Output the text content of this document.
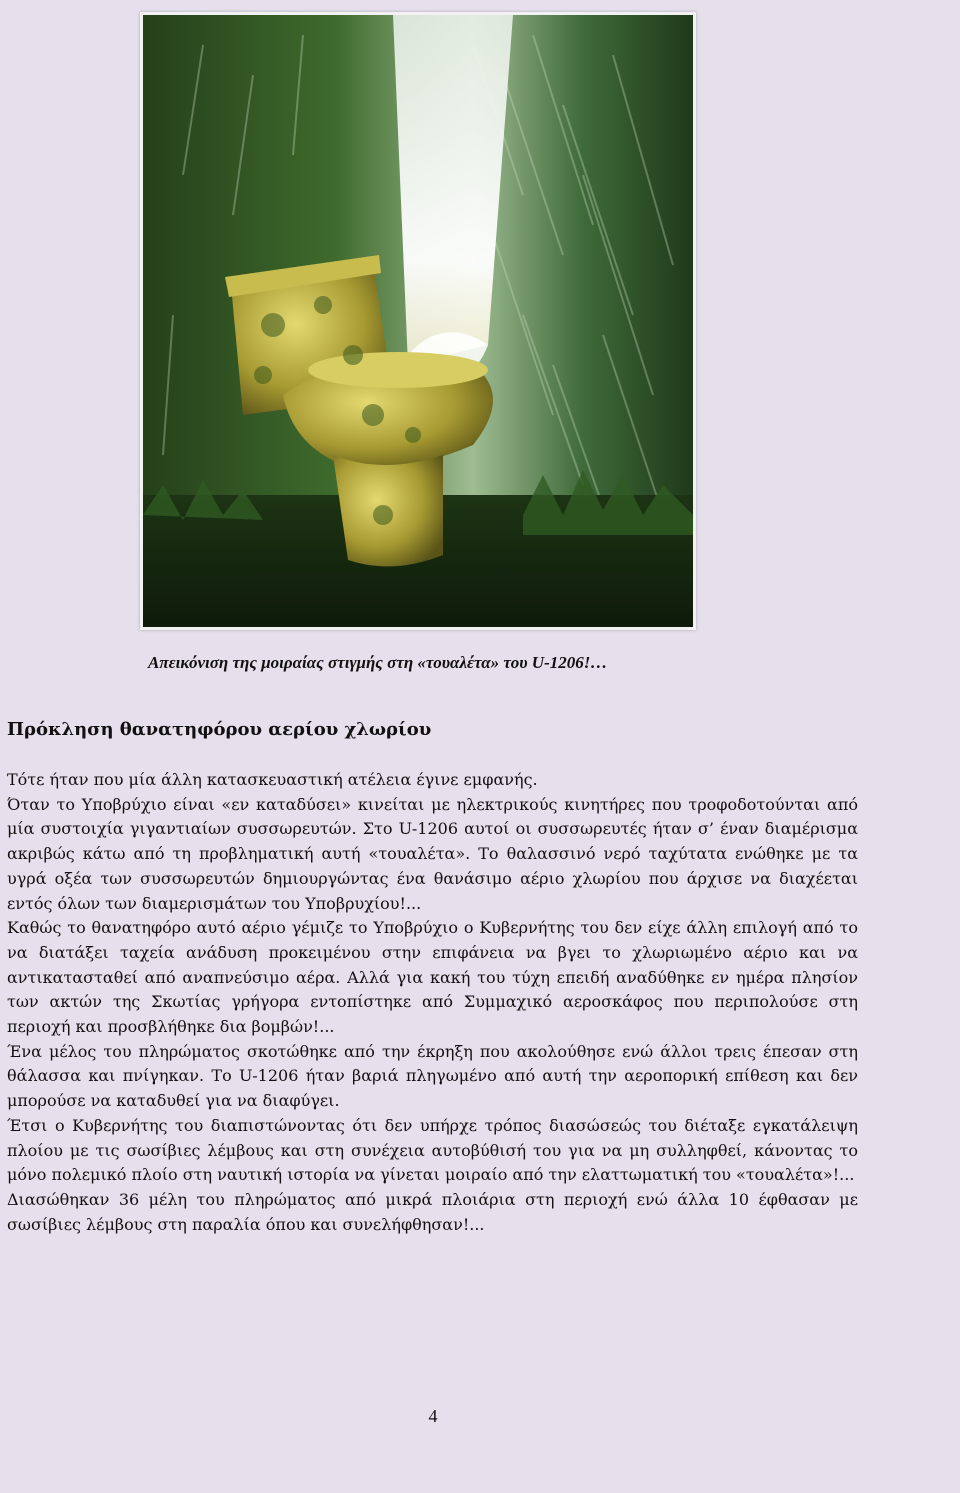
Απεικόνιση της μοιραίας στιγμής στη «τουαλέτα» του U-1206!…
Πρόκληση θανατηφόρου αερίου χλωρίου

Τότε ήταν που μία άλλη κατασκευαστική ατέλεια έγινε εμφανής.

Όταν το Υποβρύχιο είναι «εν καταδύσει» κινείται με ηλεκτρικούς κινητήρες που τροφοδοτούνται από μία συστοιχία γιγαντιαίων συσσωρευτών. Στο U-1206 αυτοί οι συσσωρευτές ήταν σ’ έναν διαμέρισμα ακριβώς κάτω από τη προβληματική αυτή «τουαλέτα». Το θαλασσινό νερό ταχύτατα ενώθηκε με τα υγρά οξέα των συσσωρευτών δημιουργώντας ένα θανάσιμο αέριο χλωρίου που άρχισε να διαχέεται εντός όλων των διαμερισμάτων του Υποβρυχίου!...

Καθώς το θανατηφόρο αυτό αέριο γέμιζε το Υποβρύχιο ο Κυβερνήτης του δεν είχε άλλη επιλογή από το να διατάξει ταχεία ανάδυση προκειμένου στην επιφάνεια να βγει το χλωριωμένο αέριο και να αντικατασταθεί από αναπνεύσιμο αέρα. Αλλά για κακή του τύχη επειδή αναδύθηκε εν ημέρα πλησίον των ακτών της Σκωτίας γρήγορα εντοπίστηκε από Συμμαχικό αεροσκάφος που περιπολούσε στη περιοχή και προσβλήθηκε δια βομβών!...

Ένα μέλος του πληρώματος σκοτώθηκε από την έκρηξη που ακολούθησε ενώ άλλοι τρεις έπεσαν στη θάλασσα και πνίγηκαν. Το U-1206 ήταν βαριά πληγωμένο από αυτή την αεροπορική επίθεση και δεν μπορούσε να καταδυθεί για να διαφύγει.

Έτσι ο Κυβερνήτης του διαπιστώνοντας ότι δεν υπήρχε τρόπος διασώσεώς του διέταξε εγκατάλειψη πλοίου με τις σωσίβιες λέμβους και στη συνέχεια αυτοβύθισή του για να μη συλληφθεί, κάνοντας το μόνο πολεμικό πλοίο στη ναυτική ιστορία να γίνεται μοιραίο από την ελαττωματική του «τουαλέτα»!...

Διασώθηκαν 36 μέλη του πληρώματος από μικρά πλοιάρια στη περιοχή ενώ άλλα 10 έφθασαν με σωσίβιες λέμβους στη παραλία όπου και συνελήφθησαν!...

4
